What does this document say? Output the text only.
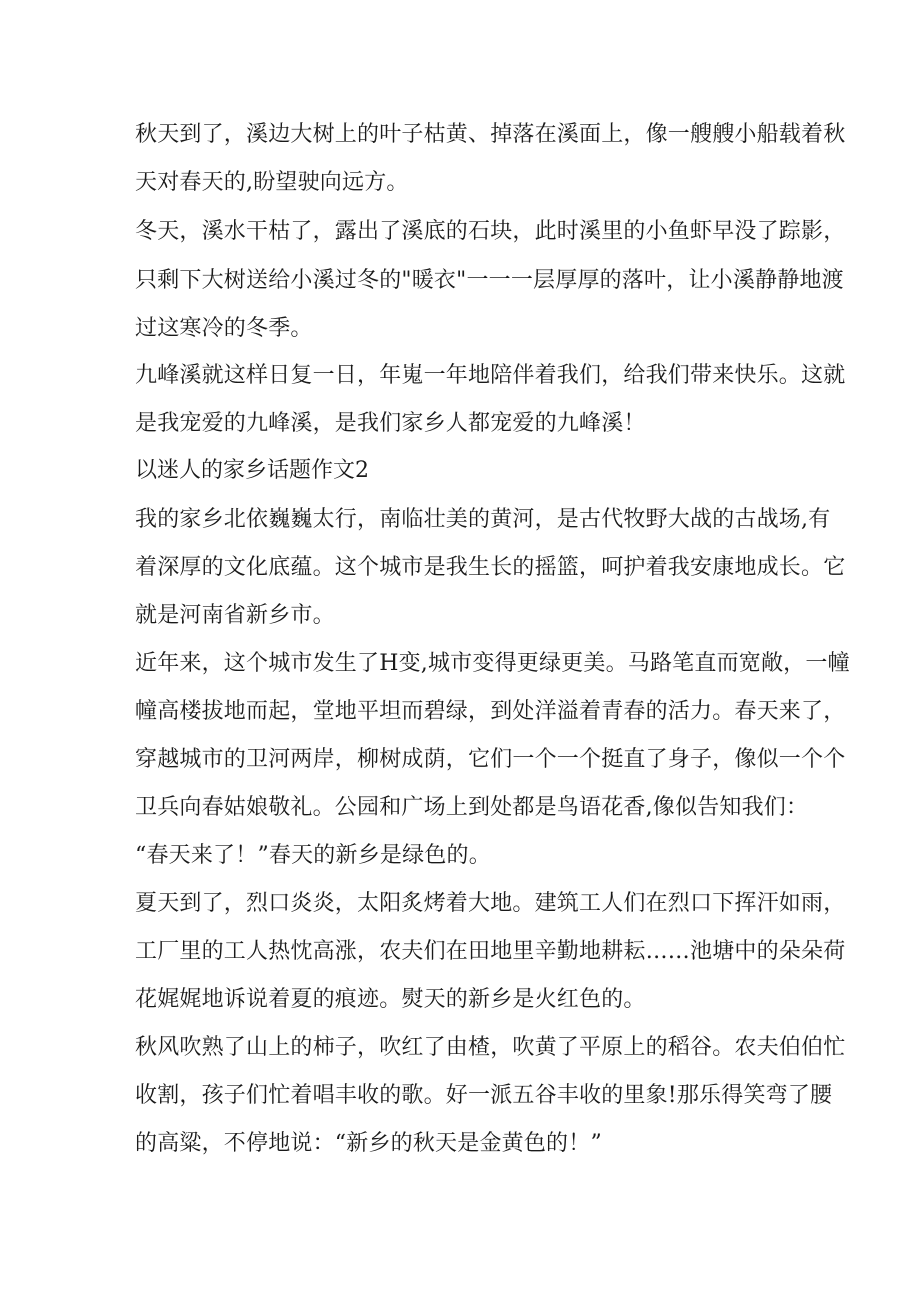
秋天到了，溪边大树上的叶子枯黄、掉落在溪面上，像一艘艘小船载着秋
天对春天的,盼望驶向远方。
冬天，溪水干枯了，露出了溪底的石块，此时溪里的小鱼虾早没了踪影，
只剩下大树送给小溪过冬的"暖衣"一一一层厚厚的落叶，让小溪静静地渡
过这寒冷的冬季。
九峰溪就这样日复一日，年嵬一年地陪伴着我们，给我们带来快乐。这就
是我宠爱的九峰溪，是我们家乡人都宠爱的九峰溪！
以迷人的家乡话题作文2
我的家乡北依巍巍太行，南临壮美的黄河，是古代牧野大战的古战场,有
着深厚的文化底蕴。这个城市是我生长的摇篮，呵护着我安康地成长。它
就是河南省新乡市。
近年来，这个城市发生了H变,城市变得更绿更美。马路笔直而宽敞，一幢
幢高楼拔地而起，堂地平坦而碧绿，到处洋溢着青春的活力。春天来了，
穿越城市的卫河两岸，柳树成荫，它们一个一个挺直了身子，像似一个个
卫兵向春姑娘敬礼。公园和广场上到处都是鸟语花香,像似告知我们：
“春天来了！”春天的新乡是绿色的。
夏天到了，烈口炎炎，太阳炙烤着大地。建筑工人们在烈口下挥汗如雨，
工厂里的工人热忱高涨，农夫们在田地里辛勤地耕耘……池塘中的朵朵荷
花娓娓地诉说着夏的痕迹。熨天的新乡是火红色的。
秋风吹熟了山上的柿子，吹红了由楂，吹黄了平原上的稻谷。农夫伯伯忙
收割，孩子们忙着唱丰收的歌。好一派五谷丰收的里象!那乐得笑弯了腰
的高粱，不停地说：“新乡的秋天是金黄色的！”
